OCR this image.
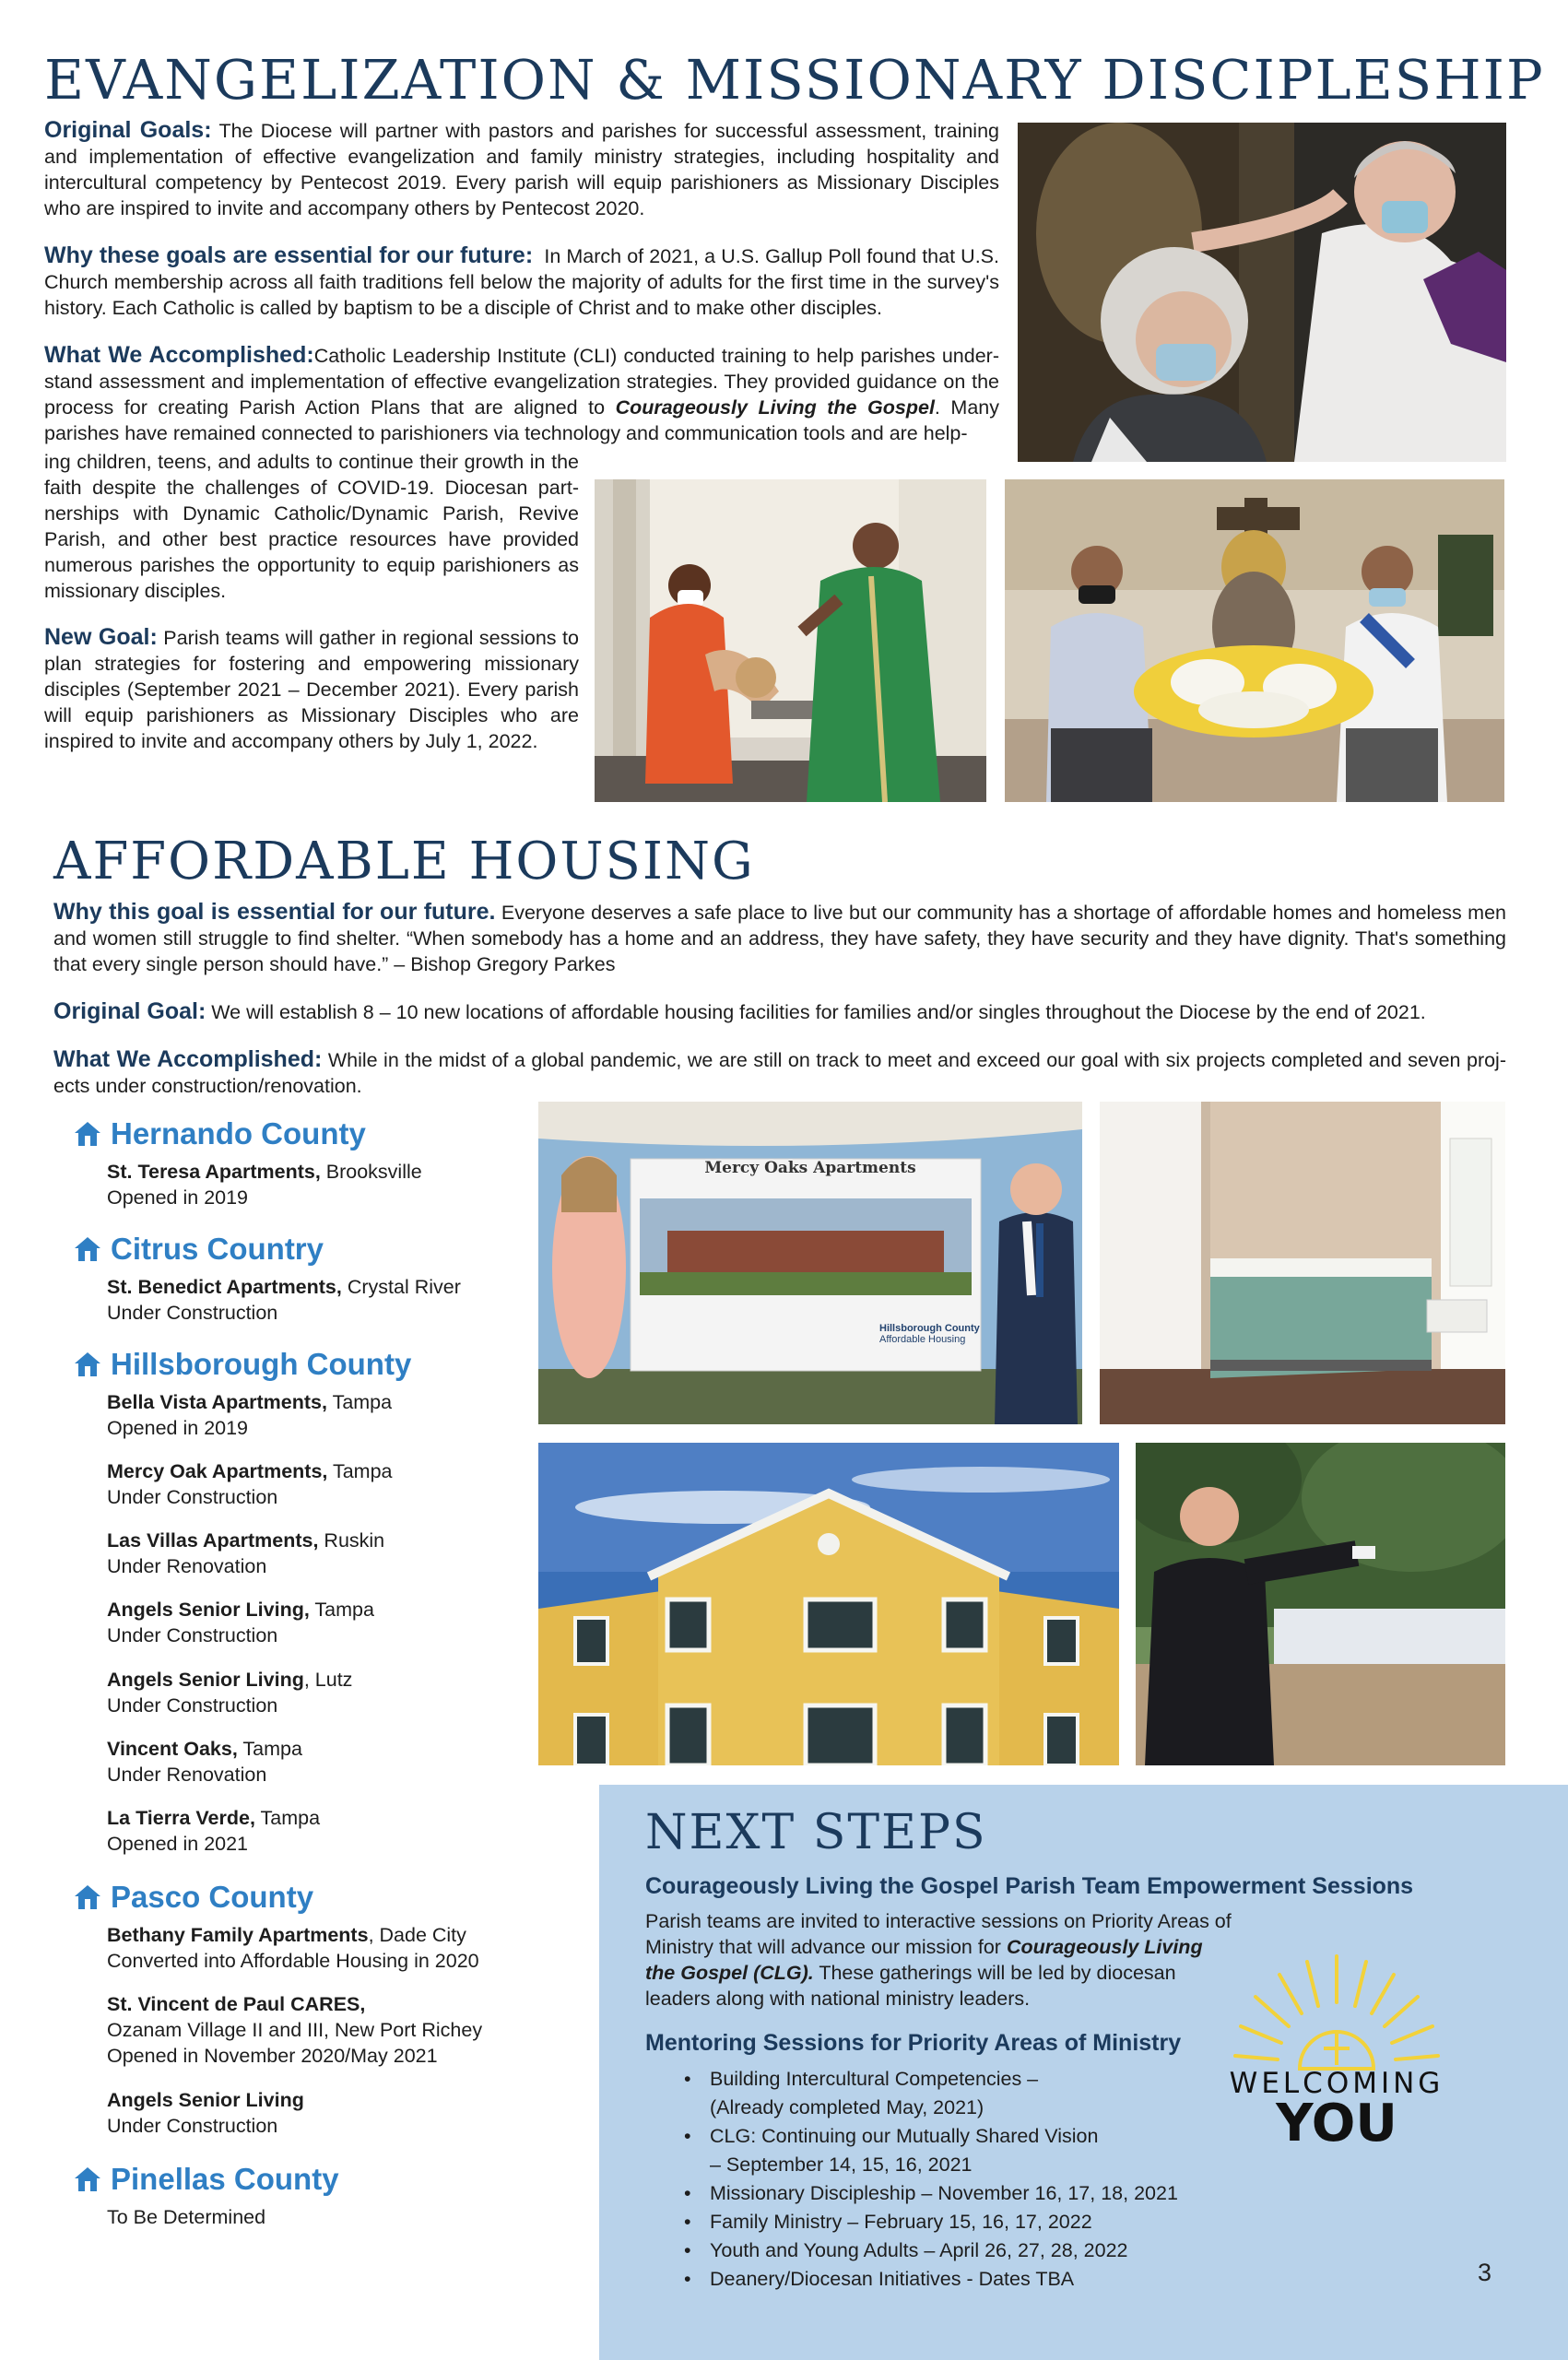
EVANGELIZATION & MISSIONARY DISCIPLESHIP

Original Goals: The Diocese will partner with pastors and parishes for successful assessment, training and implementation of effective evangelization and family ministry strategies, including hospitality and intercultural competency by Pentecost 2019. Every parish will equip parishioners as Missionary Disciples who are inspired to invite and accompany others by Pentecost 2020.

Why these goals are essential for our future: In March of 2021, a U.S. Gallup Poll found that U.S. Church membership across all faith traditions fell below the majority of adults for the first time in the survey's history. Each Catholic is called by baptism to be a disciple of Christ and to make other disciples.

What We Accomplished:Catholic Leadership Institute (CLI) conducted training to help parishes under-stand assessment and implementation of effective evangelization strategies. They provided guidance on the process for creating Parish Action Plans that are aligned to Courageously Living the Gospel. Many parishes have remained connected to parishioners via technology and communication tools and are help-

ing children, teens, and adults to continue their growth in the faith despite the challenges of COVID-19. Diocesan part-nerships with Dynamic Catholic/Dynamic Parish, Revive Parish, and other best practice resources have provided numerous parishes the opportunity to equip parishioners as missionary disciples.

New Goal: Parish teams will gather in regional sessions to plan strategies for fostering and empowering missionary disciples (September 2021 – December 2021). Every parish will equip parishioners as Missionary Disciples who are inspired to invite and accompany others by July 1, 2022.

AFFORDABLE HOUSING

Why this goal is essential for our future. Everyone deserves a safe place to live but our community has a shortage of affordable homes and homeless men and women still struggle to find shelter. “When somebody has a home and an address, they have safety, they have security and they have dignity. That's something that every single person should have.” – Bishop Gregory Parkes

Original Goal: We will establish 8 – 10 new locations of affordable housing facilities for families and/or singles throughout the Diocese by the end of 2021.

What We Accomplished: While in the midst of a global pandemic, we are still on track to meet and exceed our goal with six projects completed and seven proj-ects under construction/renovation.

Hernando County
St. Teresa Apartments, Brooksville
Opened in 2019
Citrus Country
St. Benedict Apartments, Crystal River
Under Construction
Hillsborough County
Bella Vista Apartments, Tampa
Opened in 2019
Mercy Oak Apartments, Tampa
Under Construction
Las Villas Apartments, Ruskin
Under Renovation
Angels Senior Living, Tampa
Under Construction
Angels Senior Living, Lutz
Under Construction
Vincent Oaks, Tampa
Under Renovation
La Tierra Verde, Tampa
Opened in 2021
Pasco County
Bethany Family Apartments, Dade City
Converted into Affordable Housing in 2020
St. Vincent de Paul CARES,
Ozanam Village II and III, New Port Richey
Opened in November 2020/May 2021
Angels Senior Living
Under Construction
Pinellas County
To Be Determined
Mercy Oaks Apartments
Hillsborough County
Affordable Housing
NEXT STEPS
Courageously Living the Gospel Parish Team Empowerment Sessions

Parish teams are invited to interactive sessions on Priority Areas of Ministry that will advance our mission for Courageously Living the Gospel (CLG). These gatherings will be led by diocesan leaders along with national ministry leaders.

Mentoring Sessions for Priority Areas of Ministry
• Building Intercultural Competencies –
(Already completed May, 2021)
• CLG: Continuing our Mutually Shared Vision
– September 14, 15, 16, 2021
• Missionary Discipleship – November 16, 17, 18, 2021
• Family Ministry – February 15, 16, 17, 2022
• Youth and Young Adults – April 26, 27, 28, 2022
• Deanery/Diocesan Initiatives - Dates TBA
WELCOMING
YOU
3
